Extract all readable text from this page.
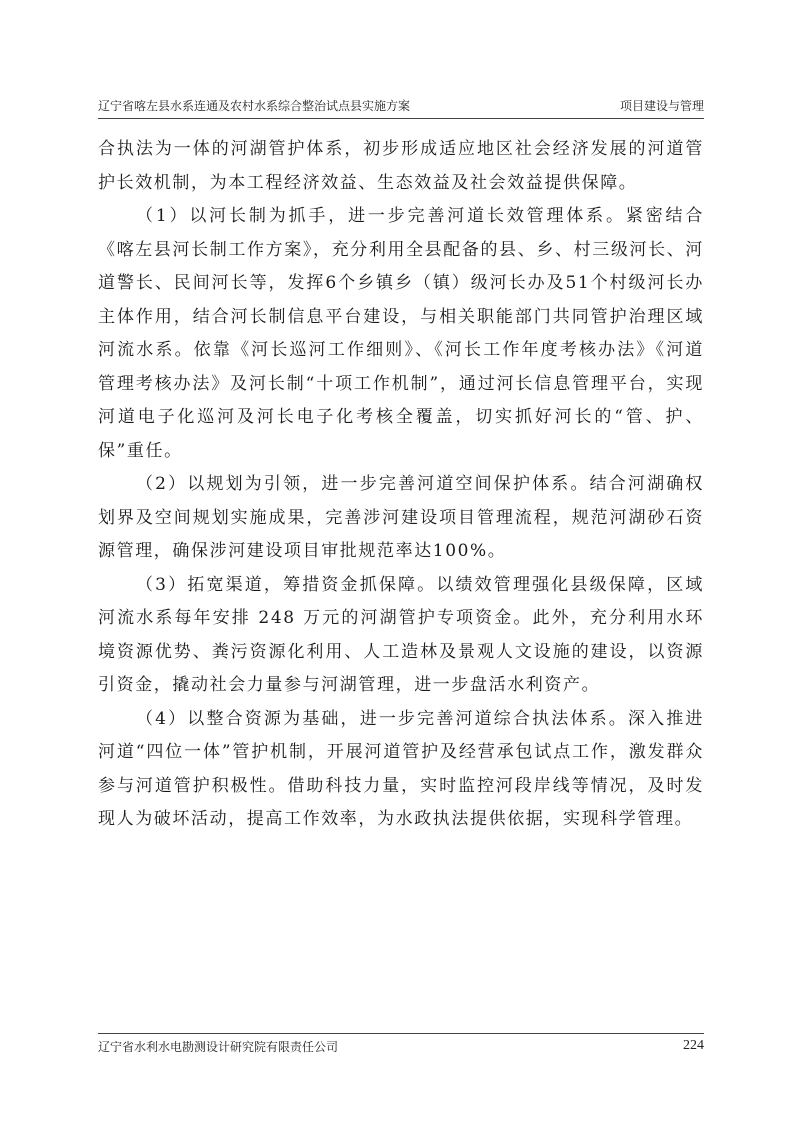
辽宁省喀左县水系连通及农村水系综合整治试点县实施方案	项目建设与管理

合执法为一体的河湖管护体系，初步形成适应地区社会经济发展的河道管护长效机制，为本工程经济效益、生态效益及社会效益提供保障。

（1）以河长制为抓手，进一步完善河道长效管理体系。紧密结合《喀左县河长制工作方案》，充分利用全县配备的县、乡、村三级河长、河道警长、民间河长等，发挥6个乡镇乡（镇）级河长办及51个村级河长办主体作用，结合河长制信息平台建设，与相关职能部门共同管护治理区域河流水系。依靠《河长巡河工作细则》、《河长工作年度考核办法》《河道管理考核办法》及河长制“十项工作机制”，通过河长信息管理平台，实现河道电子化巡河及河长电子化考核全覆盖，切实抓好河长的“管、护、保”重任。

（2）以规划为引领，进一步完善河道空间保护体系。结合河湖确权划界及空间规划实施成果，完善涉河建设项目管理流程，规范河湖砂石资源管理，确保涉河建设项目审批规范率达100%。

（3）拓宽渠道，筹措资金抓保障。以绩效管理强化县级保障，区域河流水系每年安排 248 万元的河湖管护专项资金。此外，充分利用水环境资源优势、粪污资源化利用、人工造林及景观人文设施的建设，以资源引资金，撬动社会力量参与河湖管理，进一步盘活水利资产。

（4）以整合资源为基础，进一步完善河道综合执法体系。深入推进河道“四位一体”管护机制，开展河道管护及经营承包试点工作，激发群众参与河道管护积极性。借助科技力量，实时监控河段岸线等情况，及时发现人为破坏活动，提高工作效率，为水政执法提供依据，实现科学管理。

辽宁省水利水电勘测设计研究院有限责任公司	224
